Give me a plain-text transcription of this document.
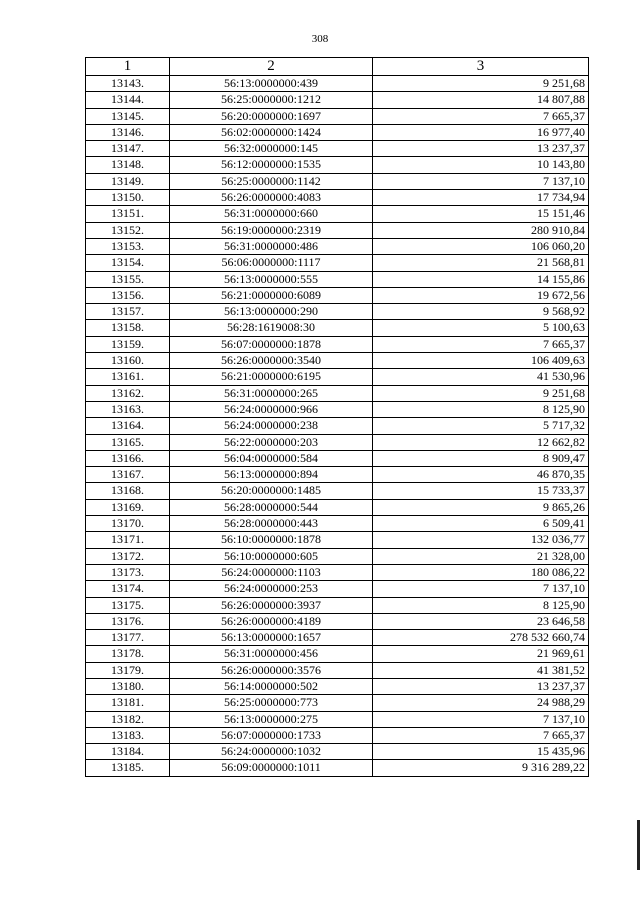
308
1	2	3
13143.	56:13:0000000:439	9 251,68
13144.	56:25:0000000:1212	14 807,88
13145.	56:20:0000000:1697	7 665,37
13146.	56:02:0000000:1424	16 977,40
13147.	56:32:0000000:145	13 237,37
13148.	56:12:0000000:1535	10 143,80
13149.	56:25:0000000:1142	7 137,10
13150.	56:26:0000000:4083	17 734,94
13151.	56:31:0000000:660	15 151,46
13152.	56:19:0000000:2319	280 910,84
13153.	56:31:0000000:486	106 060,20
13154.	56:06:0000000:1117	21 568,81
13155.	56:13:0000000:555	14 155,86
13156.	56:21:0000000:6089	19 672,56
13157.	56:13:0000000:290	9 568,92
13158.	56:28:1619008:30	5 100,63
13159.	56:07:0000000:1878	7 665,37
13160.	56:26:0000000:3540	106 409,63
13161.	56:21:0000000:6195	41 530,96
13162.	56:31:0000000:265	9 251,68
13163.	56:24:0000000:966	8 125,90
13164.	56:24:0000000:238	5 717,32
13165.	56:22:0000000:203	12 662,82
13166.	56:04:0000000:584	8 909,47
13167.	56:13:0000000:894	46 870,35
13168.	56:20:0000000:1485	15 733,37
13169.	56:28:0000000:544	9 865,26
13170.	56:28:0000000:443	6 509,41
13171.	56:10:0000000:1878	132 036,77
13172.	56:10:0000000:605	21 328,00
13173.	56:24:0000000:1103	180 086,22
13174.	56:24:0000000:253	7 137,10
13175.	56:26:0000000:3937	8 125,90
13176.	56:26:0000000:4189	23 646,58
13177.	56:13:0000000:1657	278 532 660,74
13178.	56:31:0000000:456	21 969,61
13179.	56:26:0000000:3576	41 381,52
13180.	56:14:0000000:502	13 237,37
13181.	56:25:0000000:773	24 988,29
13182.	56:13:0000000:275	7 137,10
13183.	56:07:0000000:1733	7 665,37
13184.	56:24:0000000:1032	15 435,96
13185.	56:09:0000000:1011	9 316 289,22
